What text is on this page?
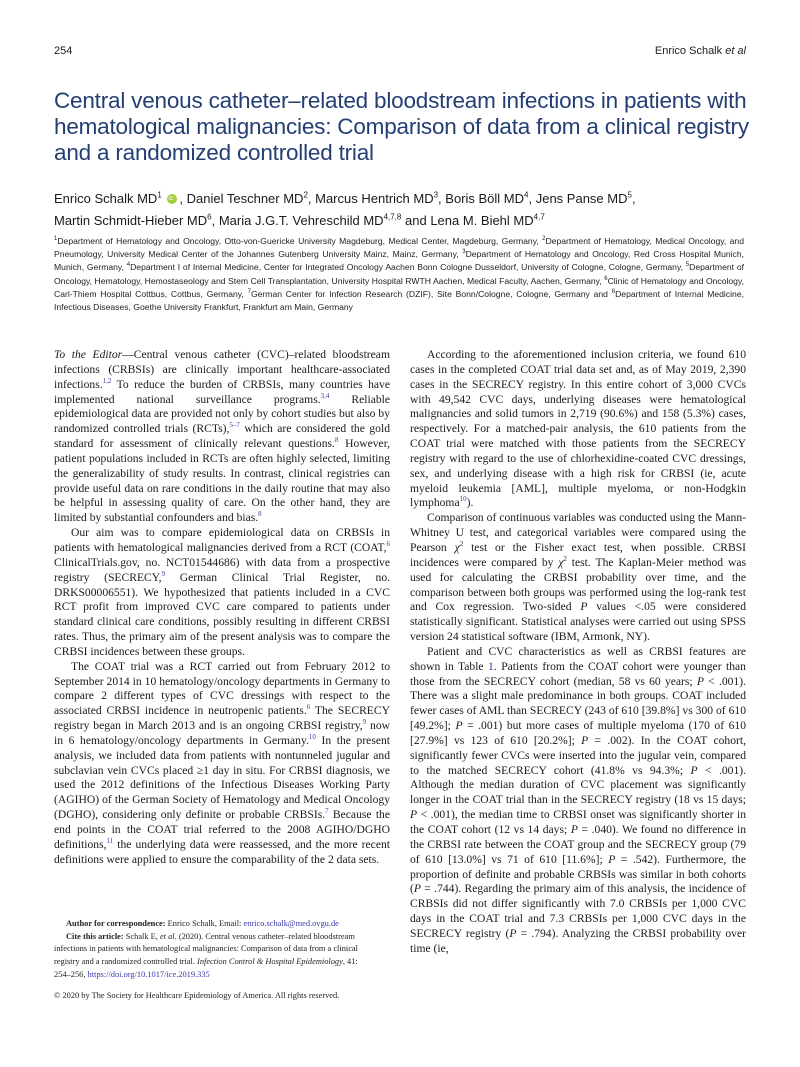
254	Enrico Schalk et al
Central venous catheter–related bloodstream infections in patients with hematological malignancies: Comparison of data from a clinical registry and a randomized controlled trial
Enrico Schalk $MD^1$ iD , Daniel Teschner $MD^2$, Marcus Hentrich $MD^3$, Boris Böll $MD^4$, Jens Panse $MD^5$,
Martin Schmidt-Hieber $MD^6$, Maria J.G.T. Vehreschild MD$^{4,7,8}$ and Lena M. Biehl MD$^{4,7}$
$^1$Department of Hematology and Oncology, Otto-von-Guericke University Magdeburg, Medical Center, Magdeburg, Germany, $^2$Department of Hematology, Medical Oncology, and Pneumology, University Medical Center of the Johannes Gutenberg University Mainz, Mainz, Germany, $^3$Department of Hematology and Oncology, Red Cross Hospital Munich, Munich, Germany, $^4$Department I of Internal Medicine, Center for Integrated Oncology Aachen Bonn Cologne Dusseldorf, University of Cologne, Cologne, Germany, $^5$Department of Oncology, Hematology, Hemostaseology and Stem Cell Transplantation, University Hospital RWTH Aachen, Medical Faculty, Aachen, Germany, $^6$Clinic of Hematology and Oncology, Carl-Thiem Hospital Cottbus, Cottbus, Germany, $^7$German Center for Infection Research (DZIF), Site Bonn/Cologne, Cologne, Germany and $^8$Department of Internal Medicine, Infectious Diseases, Goethe University Frankfurt, Frankfurt am Main, Germany

To the Editor—Central venous catheter (CVC)–related bloodstream infections (CRBSIs) are clinically important healthcare-associated infections.$^{1,2}$ To reduce the burden of CRBSIs, many countries have implemented national surveillance programs.$^{3,4}$ Reliable epidemiological data are provided not only by cohort studies but also by randomized controlled trials (RCTs),$^{5-7}$ which are considered the gold standard for assessment of clinically relevant questions.$^8$ However, patient populations included in RCTs are often highly selected, limiting the generalizability of study results. In contrast, clinical registries can provide useful data on rare conditions in the daily routine that may also be helpful in assessing quality of care. On the other hand, they are limited by substantial confounders and bias.$^8$

Our aim was to compare epidemiological data on CRBSIs in patients with hematological malignancies derived from a RCT (COAT,$^6$ ClinicalTrials.gov, no. NCT01544686) with data from a prospective registry (SECRECY,$^9$ German Clinical Trial Register, no. DRKS00006551). We hypothesized that patients included in a CVC RCT profit from improved CVC care compared to patients under standard clinical care conditions, possibly resulting in different CRBSI rates. Thus, the primary aim of the present analysis was to compare the CRBSI incidences between these groups.

The COAT trial was a RCT carried out from February 2012 to September 2014 in 10 hematology/oncology departments in Germany to compare 2 different types of CVC dressings with respect to the associated CRBSI incidence in neutropenic patients.$^6$ The SECRECY registry began in March 2013 and is an ongoing CRBSI registry,$^9$ now in 6 hematology/oncology departments in Germany.$^{10}$ In the present analysis, we included data from patients with nontunneled jugular and subclavian vein CVCs placed ≥1 day in situ. For CRBSI diagnosis, we used the 2012 definitions of the Infectious Diseases Working Party (AGIHO) of the German Society of Hematology and Medical Oncology (DGHO), considering only definite or probable CRBSIs.$^7$ Because the end points in the COAT trial referred to the 2008 AGIHO/DGHO definitions,$^{11}$ the underlying data were reassessed, and the more recent definitions were applied to ensure the comparability of the 2 data sets.

According to the aforementioned inclusion criteria, we found 610 cases in the completed COAT trial data set and, as of May 2019, 2,390 cases in the SECRECY registry. In this entire cohort of 3,000 CVCs with 49,542 CVC days, underlying diseases were hematological malignancies and solid tumors in 2,719 (90.6%) and 158 (5.3%) cases, respectively. For a matched-pair analysis, the 610 patients from the COAT trial were matched with those patients from the SECRECY registry with regard to the use of chlorhexidine-coated CVC dressings, sex, and underlying disease with a high risk for CRBSI (ie, acute myeloid leukemia [AML], multiple myeloma, or non-Hodgkin lymphoma$^{10}$).

Comparison of continuous variables was conducted using the Mann-Whitney U test, and categorical variables were compared using the Pearson $\chi^2$ test or the Fisher exact test, when possible. CRBSI incidences were compared by $\chi^2$ test. The Kaplan-Meier method was used for calculating the CRBSI probability over time, and the comparison between both groups was performed using the log-rank test and Cox regression. Two-sided P values <.05 were considered statistically significant. Statistical analyses were carried out using SPSS version 24 statistical software (IBM, Armonk, NY).

Patient and CVC characteristics as well as CRBSI features are shown in Table 1. Patients from the COAT cohort were younger than those from the SECRECY cohort (median, 58 vs 60 years; P < .001). There was a slight male predominance in both groups. COAT included fewer cases of AML than SECRECY (243 of 610 [39.8%] vs 300 of 610 [49.2%]; P = .001) but more cases of multiple myeloma (170 of 610 [27.9%] vs 123 of 610 [20.2%]; P = .002). In the COAT cohort, significantly fewer CVCs were inserted into the jugular vein, compared to the matched SECRECY cohort (41.8% vs 94.3%; P < .001). Although the median duration of CVC placement was significantly longer in the COAT trial than in the SECRECY registry (18 vs 15 days; P < .001), the median time to CRBSI onset was significantly shorter in the COAT cohort (12 vs 14 days; P = .040). We found no difference in the CRBSI rate between the COAT group and the SECRECY group (79 of 610 [13.0%] vs 71 of 610 [11.6%]; P = .542). Furthermore, the proportion of definite and probable CRBSIs was similar in both cohorts (P = .744). Regarding the primary aim of this analysis, the incidence of CRBSIs did not differ significantly with 7.0 CRBSIs per 1,000 CVC days in the COAT trial and 7.3 CRBSIs per 1,000 CVC days in the SECRECY registry (P = .794). Analyzing the CRBSI probability over time (ie,

Author for correspondence: Enrico Schalk, Email: enrico.schalk@med.ovgu.de

Cite this article: Schalk E, et al. (2020). Central venous catheter–related bloodstream infections in patients with hematological malignancies: Comparison of data from a clinical registry and a randomized controlled trial. Infection Control & Hospital Epidemiology, 41: 254–256, https://doi.org/10.1017/ice.2019.335

© 2020 by The Society for Healthcare Epidemiology of America. All rights reserved.
